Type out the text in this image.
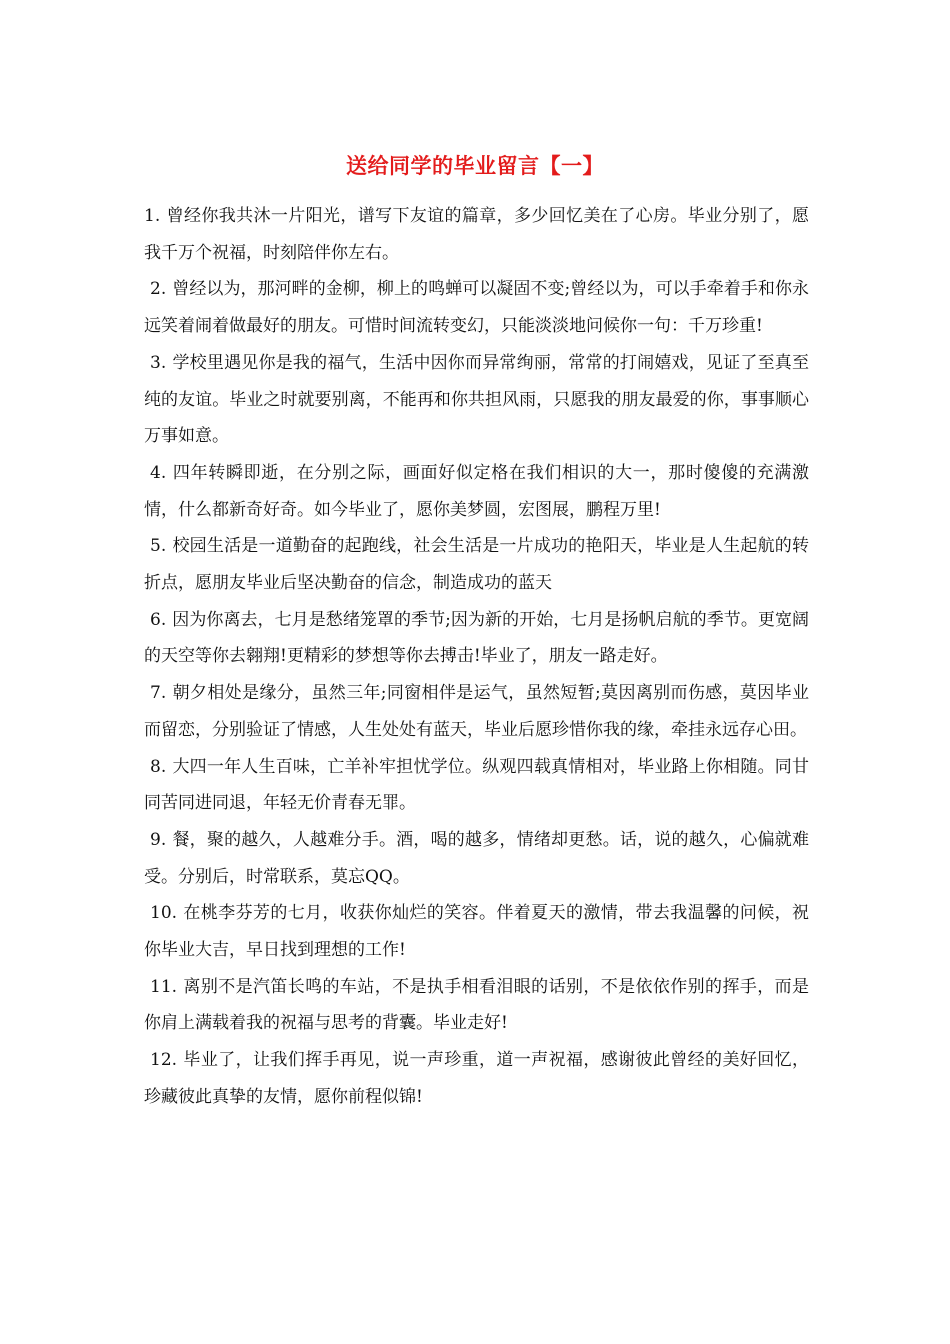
送给同学的毕业留言【一】
1. 曾经你我共沐一片阳光，谱写下友谊的篇章，多少回忆美在了心房。毕业分别了，愿我千万个祝福，时刻陪伴你左右。
2. 曾经以为，那河畔的金柳，柳上的鸣蝉可以凝固不变;曾经以为，可以手牵着手和你永远笑着闹着做最好的朋友。可惜时间流转变幻，只能淡淡地问候你一句：千万珍重!
3. 学校里遇见你是我的福气，生活中因你而异常绚丽，常常的打闹嬉戏，见证了至真至纯的友谊。毕业之时就要别离，不能再和你共担风雨，只愿我的朋友最爱的你，事事顺心万事如意。
4. 四年转瞬即逝，在分别之际，画面好似定格在我们相识的大一，那时傻傻的充满激情，什么都新奇好奇。如今毕业了，愿你美梦圆，宏图展，鹏程万里!
5. 校园生活是一道勤奋的起跑线，社会生活是一片成功的艳阳天，毕业是人生起航的转折点，愿朋友毕业后坚决勤奋的信念，制造成功的蓝天
6. 因为你离去，七月是愁绪笼罩的季节;因为新的开始，七月是扬帆启航的季节。更宽阔的天空等你去翱翔!更精彩的梦想等你去搏击!毕业了，朋友一路走好。
7. 朝夕相处是缘分，虽然三年;同窗相伴是运气，虽然短暂;莫因离别而伤感，莫因毕业而留恋，分别验证了情感，人生处处有蓝天，毕业后愿珍惜你我的缘，牵挂永远存心田。
8. 大四一年人生百味，亡羊补牢担忧学位。纵观四载真情相对，毕业路上你相随。同甘同苦同进同退，年轻无价青春无罪。
9. 餐，聚的越久，人越难分手。酒，喝的越多，情绪却更愁。话，说的越久，心偏就难受。分别后，时常联系，莫忘QQ。
10. 在桃李芬芳的七月，收获你灿烂的笑容。伴着夏天的激情，带去我温馨的问候，祝你毕业大吉，早日找到理想的工作!
11. 离别不是汽笛长鸣的车站，不是执手相看泪眼的话别，不是依依作别的挥手，而是你肩上满载着我的祝福与思考的背囊。毕业走好!
12. 毕业了，让我们挥手再见，说一声珍重，道一声祝福，感谢彼此曾经的美好回忆，珍藏彼此真挚的友情，愿你前程似锦!
